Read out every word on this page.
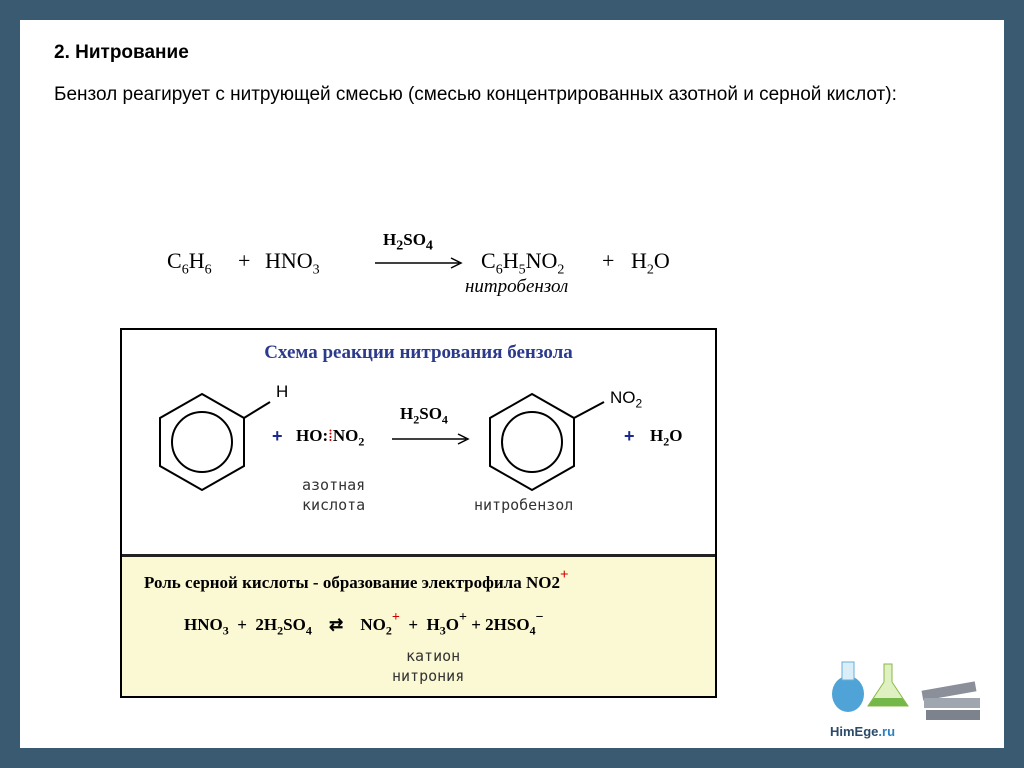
2. Нитрование
Бензол реагирует с нитрующей смесью (смесью концентрированных азотной и серной кислот):
$C_6H_6 + HNO_3$
$H_2SO_4$
$C_6H_5NO_2 + H_2O$
нитробензол
Схема реакции нитрования бензола
H
+ $HO:⁞NO_2$
$H_2SO_4$
$NO_2$
+ $H_2O$
азотная
кислота	нитробензол
Роль серной кислоты - образование электрофила NO2+
$HNO_3 + 2H_2SO_4$ ⇄ $NO_2^+ + H_3O^+ + 2HSO_4^-$
катион
нитрония
HimEge.ru
